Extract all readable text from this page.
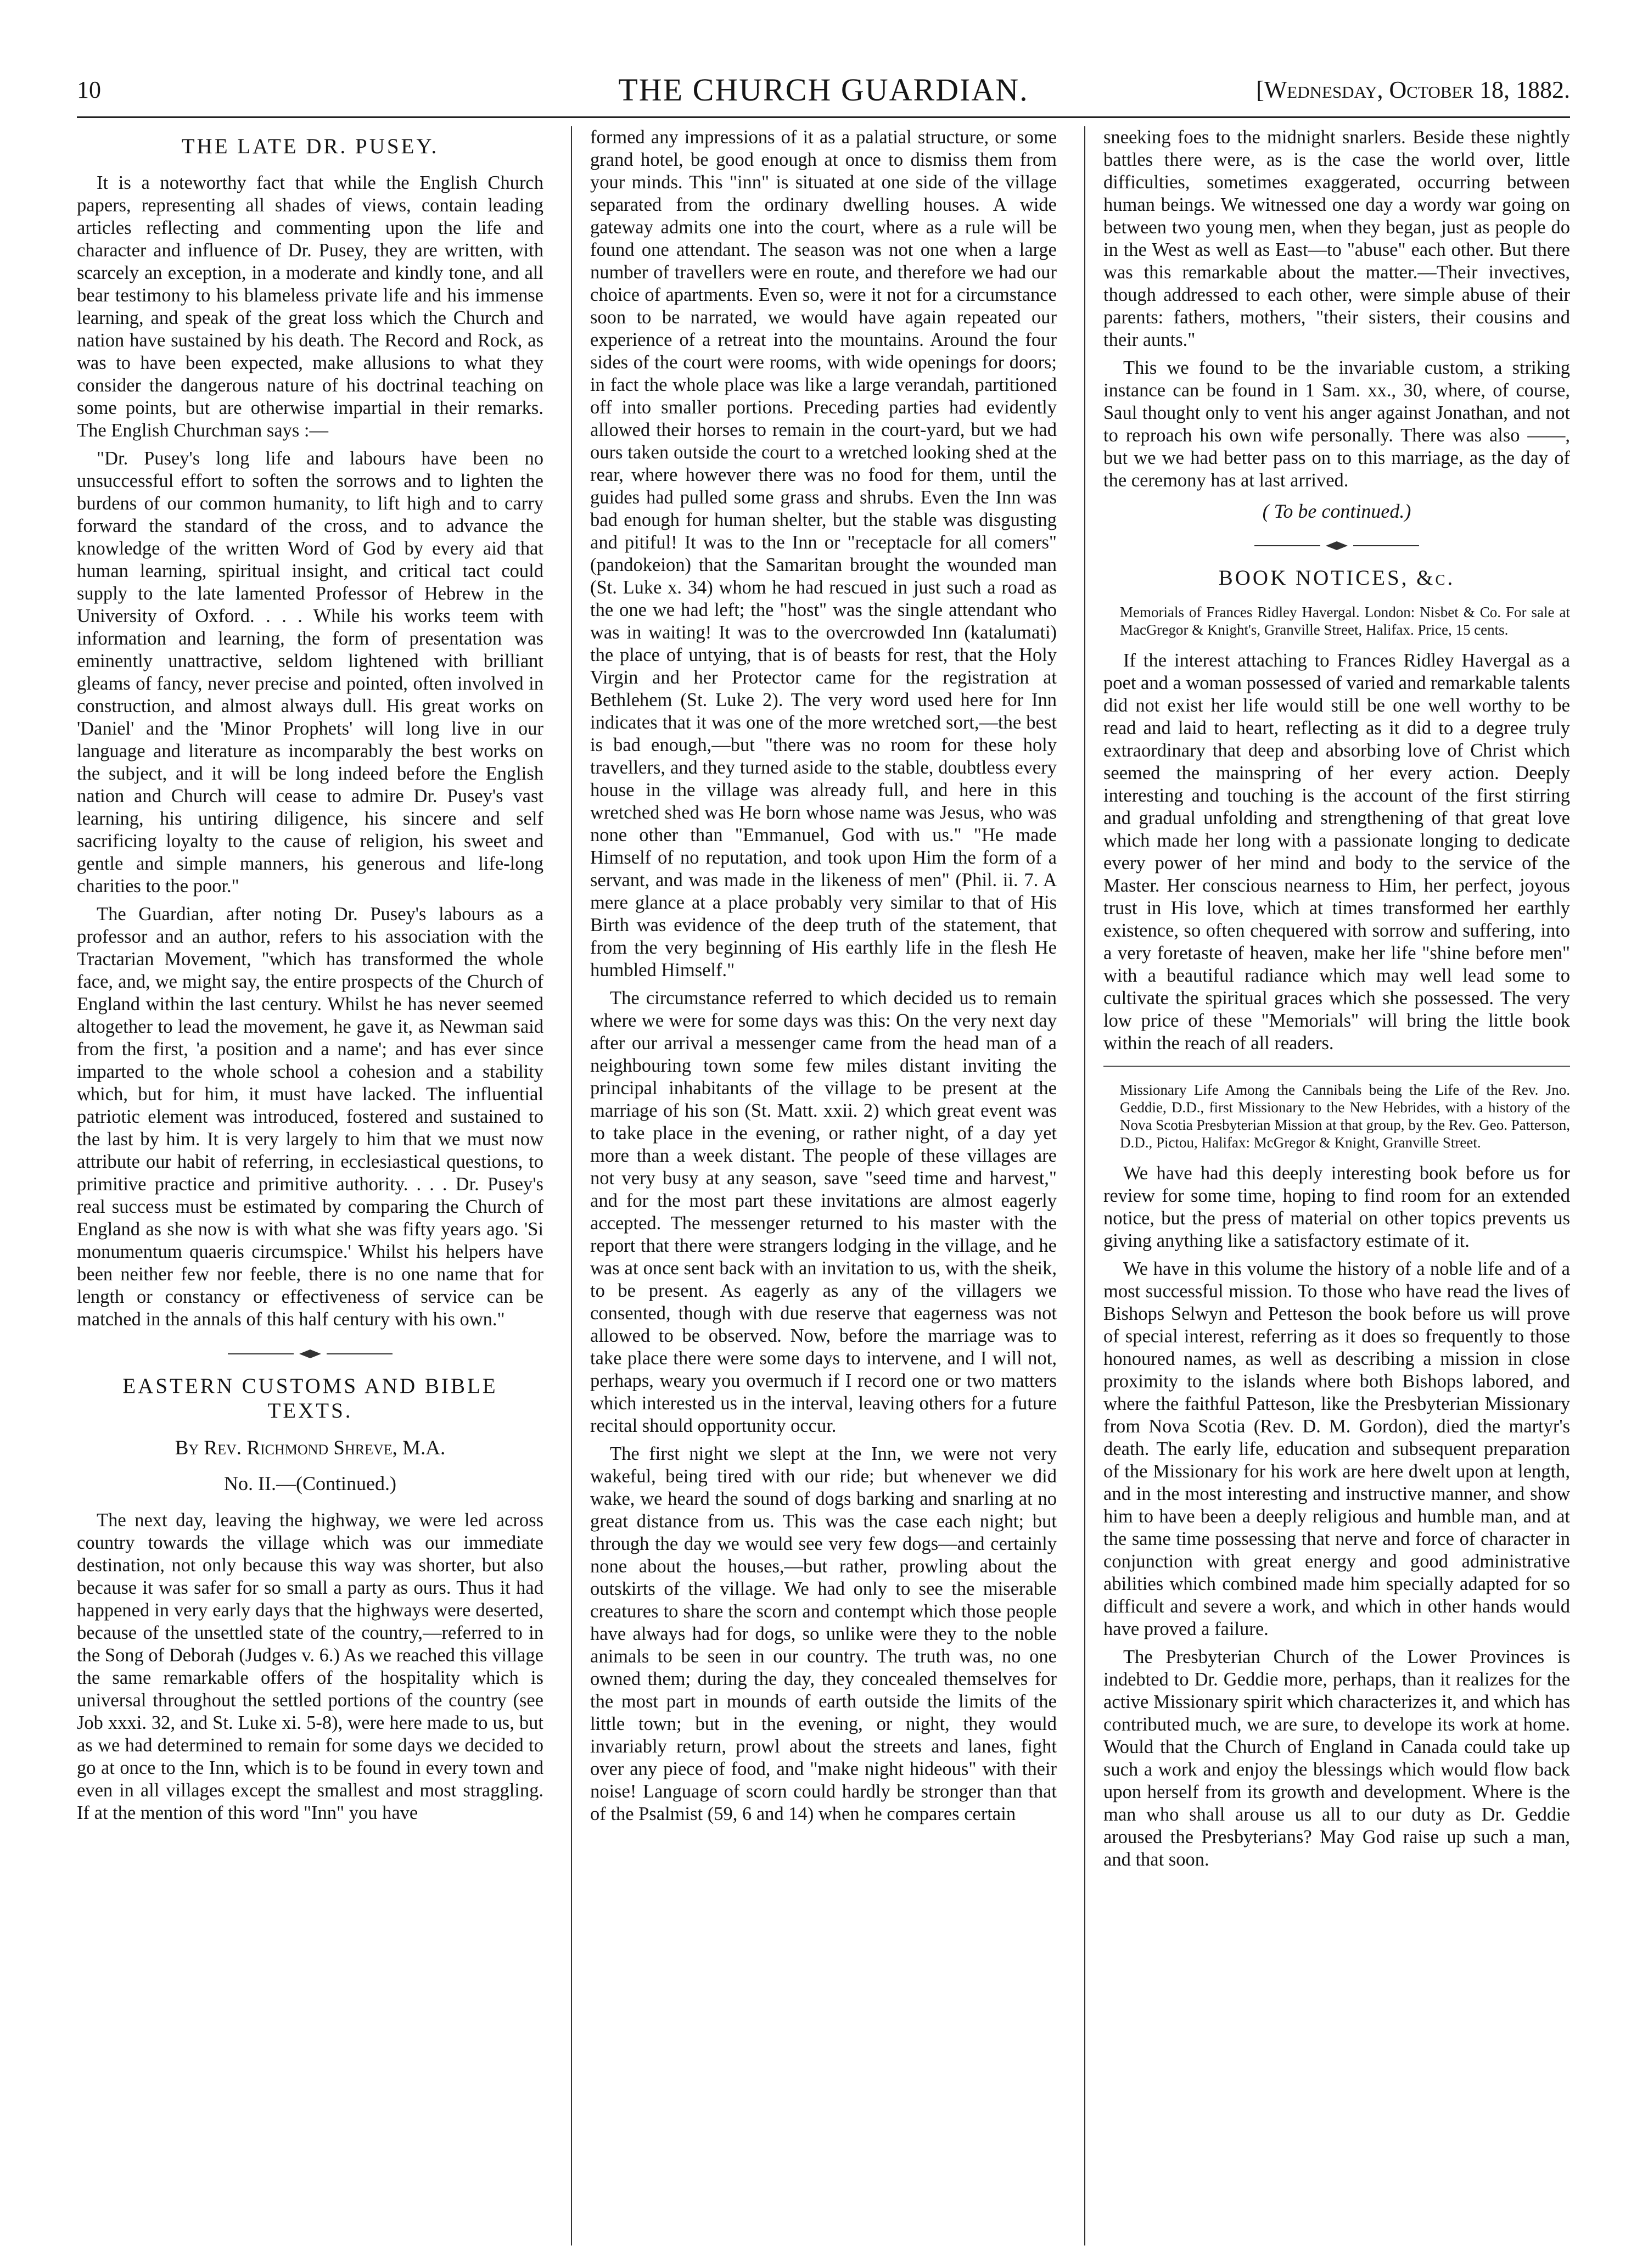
10	THE CHURCH GUARDIAN.	[Wednesday, October 18, 1882.
THE LATE DR. PUSEY.

It is a noteworthy fact that while the English Church papers, representing all shades of views, contain leading articles reflecting and commenting upon the life and character and influence of Dr. Pusey, they are written, with scarcely an exception, in a moderate and kindly tone, and all bear testimony to his blameless private life and his immense learning, and speak of the great loss which the Church and nation have sustained by his death. The Record and Rock, as was to have been expected, make allusions to what they consider the dangerous nature of his doctrinal teaching on some points, but are otherwise impartial in their remarks. The English Churchman says :—

"Dr. Pusey's long life and labours have been no unsuccessful effort to soften the sorrows and to lighten the burdens of our common humanity, to lift high and to carry forward the standard of the cross, and to advance the knowledge of the written Word of God by every aid that human learning, spiritual insight, and critical tact could supply to the late lamented Professor of Hebrew in the University of Oxford. . . . While his works teem with information and learning, the form of presentation was eminently unattractive, seldom lightened with brilliant gleams of fancy, never precise and pointed, often involved in construction, and almost always dull. His great works on 'Daniel' and the 'Minor Prophets' will long live in our language and literature as incomparably the best works on the subject, and it will be long indeed before the English nation and Church will cease to admire Dr. Pusey's vast learning, his untiring diligence, his sincere and self sacrificing loyalty to the cause of religion, his sweet and gentle and simple manners, his generous and life-long charities to the poor."

The Guardian, after noting Dr. Pusey's labours as a professor and an author, refers to his association with the Tractarian Movement, "which has transformed the whole face, and, we might say, the entire prospects of the Church of England within the last century. Whilst he has never seemed altogether to lead the movement, he gave it, as Newman said from the first, 'a position and a name'; and has ever since imparted to the whole school a cohesion and a stability which, but for him, it must have lacked. The influential patriotic element was introduced, fostered and sustained to the last by him. It is very largely to him that we must now attribute our habit of referring, in ecclesiastical questions, to primitive practice and primitive authority. . . . Dr. Pusey's real success must be estimated by comparing the Church of England as she now is with what she was fifty years ago. 'Si monumentum quaeris circumspice.' Whilst his helpers have been neither few nor feeble, there is no one name that for length or constancy or effectiveness of service can be matched in the annals of this half century with his own."

EASTERN CUSTOMS AND BIBLE TEXTS.
By Rev. Richmond Shreve, M.A.
No. II.—(Continued.)

The next day, leaving the highway, we were led across country towards the village which was our immediate destination, not only because this way was shorter, but also because it was safer for so small a party as ours. Thus it had happened in very early days that the highways were deserted, because of the unsettled state of the country,—referred to in the Song of Deborah (Judges v. 6.) As we reached this village the same remarkable offers of the hospitality which is universal throughout the settled portions of the country (see Job xxxi. 32, and St. Luke xi. 5-8), were here made to us, but as we had determined to remain for some days we decided to go at once to the Inn, which is to be found in every town and even in all villages except the smallest and most straggling. If at the mention of this word "Inn" you have

formed any impressions of it as a palatial structure, or some grand hotel, be good enough at once to dismiss them from your minds. This "inn" is situated at one side of the village separated from the ordinary dwelling houses. A wide gateway admits one into the court, where as a rule will be found one attendant. The season was not one when a large number of travellers were en route, and therefore we had our choice of apartments. Even so, were it not for a circumstance soon to be narrated, we would have again repeated our experience of a retreat into the mountains. Around the four sides of the court were rooms, with wide openings for doors; in fact the whole place was like a large verandah, partitioned off into smaller portions. Preceding parties had evidently allowed their horses to remain in the court-yard, but we had ours taken outside the court to a wretched looking shed at the rear, where however there was no food for them, until the guides had pulled some grass and shrubs. Even the Inn was bad enough for human shelter, but the stable was disgusting and pitiful! It was to the Inn or "receptacle for all comers" (pandokeion) that the Samaritan brought the wounded man (St. Luke x. 34) whom he had rescued in just such a road as the one we had left; the "host" was the single attendant who was in waiting! It was to the overcrowded Inn (katalumati) the place of untying, that is of beasts for rest, that the Holy Virgin and her Protector came for the registration at Bethlehem (St. Luke 2). The very word used here for Inn indicates that it was one of the more wretched sort,—the best is bad enough,—but "there was no room for these holy travellers, and they turned aside to the stable, doubtless every house in the village was already full, and here in this wretched shed was He born whose name was Jesus, who was none other than "Emmanuel, God with us." "He made Himself of no reputation, and took upon Him the form of a servant, and was made in the likeness of men" (Phil. ii. 7. A mere glance at a place probably very similar to that of His Birth was evidence of the deep truth of the statement, that from the very beginning of His earthly life in the flesh He humbled Himself."

The circumstance referred to which decided us to remain where we were for some days was this: On the very next day after our arrival a messenger came from the head man of a neighbouring town some few miles distant inviting the principal inhabitants of the village to be present at the marriage of his son (St. Matt. xxii. 2) which great event was to take place in the evening, or rather night, of a day yet more than a week distant. The people of these villages are not very busy at any season, save "seed time and harvest," and for the most part these invitations are almost eagerly accepted. The messenger returned to his master with the report that there were strangers lodging in the village, and he was at once sent back with an invitation to us, with the sheik, to be present. As eagerly as any of the villagers we consented, though with due reserve that eagerness was not allowed to be observed. Now, before the marriage was to take place there were some days to intervene, and I will not, perhaps, weary you overmuch if I record one or two matters which interested us in the interval, leaving others for a future recital should opportunity occur.

The first night we slept at the Inn, we were not very wakeful, being tired with our ride; but whenever we did wake, we heard the sound of dogs barking and snarling at no great distance from us. This was the case each night; but through the day we would see very few dogs—and certainly none about the houses,—but rather, prowling about the outskirts of the village. We had only to see the miserable creatures to share the scorn and contempt which those people have always had for dogs, so unlike were they to the noble animals to be seen in our country. The truth was, no one owned them; during the day, they concealed themselves for the most part in mounds of earth outside the limits of the little town; but in the evening, or night, they would invariably return, prowl about the streets and lanes, fight over any piece of food, and "make night hideous" with their noise! Language of scorn could hardly be stronger than that of the Psalmist (59, 6 and 14) when he compares certain

sneeking foes to the midnight snarlers. Beside these nightly battles there were, as is the case the world over, little difficulties, sometimes exaggerated, occurring between human beings. We witnessed one day a wordy war going on between two young men, when they began, just as people do in the West as well as East—to "abuse" each other. But there was this remarkable about the matter.—Their invectives, though addressed to each other, were simple abuse of their parents: fathers, mothers, "their sisters, their cousins and their aunts."

This we found to be the invariable custom, a striking instance can be found in 1 Sam. xx., 30, where, of course, Saul thought only to vent his anger against Jonathan, and not to reproach his own wife personally. There was also ——, but we we had better pass on to this marriage, as the day of the ceremony has at last arrived.

( To be continued.)
BOOK NOTICES, &c.

Memorials of Frances Ridley Havergal. London: Nisbet & Co. For sale at MacGregor & Knight's, Granville Street, Halifax. Price, 15 cents.

If the interest attaching to Frances Ridley Havergal as a poet and a woman possessed of varied and remarkable talents did not exist her life would still be one well worthy to be read and laid to heart, reflecting as it did to a degree truly extraordinary that deep and absorbing love of Christ which seemed the mainspring of her every action. Deeply interesting and touching is the account of the first stirring and gradual unfolding and strengthening of that great love which made her long with a passionate longing to dedicate every power of her mind and body to the service of the Master. Her conscious nearness to Him, her perfect, joyous trust in His love, which at times transformed her earthly existence, so often chequered with sorrow and suffering, into a very foretaste of heaven, make her life "shine before men" with a beautiful radiance which may well lead some to cultivate the spiritual graces which she possessed. The very low price of these "Memorials" will bring the little book within the reach of all readers.

Missionary Life Among the Cannibals being the Life of the Rev. Jno. Geddie, D.D., first Missionary to the New Hebrides, with a history of the Nova Scotia Presbyterian Mission at that group, by the Rev. Geo. Patterson, D.D., Pictou, Halifax: McGregor & Knight, Granville Street.

We have had this deeply interesting book before us for review for some time, hoping to find room for an extended notice, but the press of material on other topics prevents us giving anything like a satisfactory estimate of it.

We have in this volume the history of a noble life and of a most successful mission. To those who have read the lives of Bishops Selwyn and Petteson the book before us will prove of special interest, referring as it does so frequently to those honoured names, as well as describing a mission in close proximity to the islands where both Bishops labored, and where the faithful Patteson, like the Presbyterian Missionary from Nova Scotia (Rev. D. M. Gordon), died the martyr's death. The early life, education and subsequent preparation of the Missionary for his work are here dwelt upon at length, and in the most interesting and instructive manner, and show him to have been a deeply religious and humble man, and at the same time possessing that nerve and force of character in conjunction with great energy and good administrative abilities which combined made him specially adapted for so difficult and severe a work, and which in other hands would have proved a failure.

The Presbyterian Church of the Lower Provinces is indebted to Dr. Geddie more, perhaps, than it realizes for the active Missionary spirit which characterizes it, and which has contributed much, we are sure, to develope its work at home. Would that the Church of England in Canada could take up such a work and enjoy the blessings which would flow back upon herself from its growth and development. Where is the man who shall arouse us all to our duty as Dr. Geddie aroused the Presbyterians? May God raise up such a man, and that soon.
